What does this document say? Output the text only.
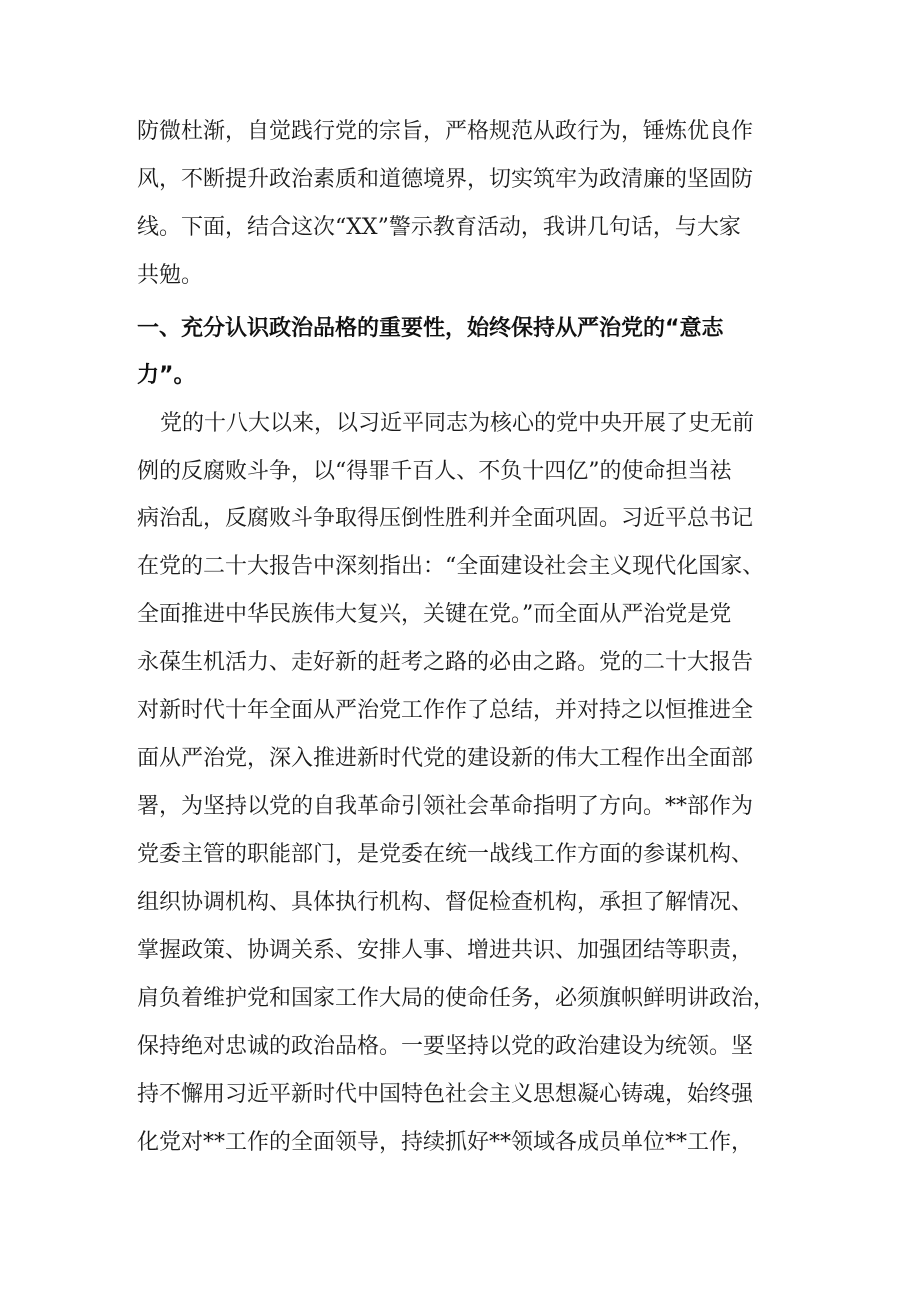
防微杜渐，自觉践行党的宗旨，严格规范从政行为，锤炼优良作
风，不断提升政治素质和道德境界，切实筑牢为政清廉的坚固防
线。下面，结合这次“XX”警示教育活动，我讲几句话，与大家
共勉。
一、充分认识政治品格的重要性，始终保持从严治党的“意志
力”。
党的十八大以来，以习近平同志为核心的党中央开展了史无前
例的反腐败斗争，以“得罪千百人、不负十四亿”的使命担当祛
病治乱，反腐败斗争取得压倒性胜利并全面巩固。习近平总书记
在党的二十大报告中深刻指出：“全面建设社会主义现代化国家、
全面推进中华民族伟大复兴，关键在党。”而全面从严治党是党
永葆生机活力、走好新的赶考之路的必由之路。党的二十大报告
对新时代十年全面从严治党工作作了总结，并对持之以恒推进全
面从严治党，深入推进新时代党的建设新的伟大工程作出全面部
署，为坚持以党的自我革命引领社会革命指明了方向。**部作为
党委主管的职能部门，是党委在统一战线工作方面的参谋机构、
组织协调机构、具体执行机构、督促检查机构，承担了解情况、
掌握政策、协调关系、安排人事、增进共识、加强团结等职责，
肩负着维护党和国家工作大局的使命任务，必须旗帜鲜明讲政治，
保持绝对忠诚的政治品格。一要坚持以党的政治建设为统领。坚
持不懈用习近平新时代中国特色社会主义思想凝心铸魂，始终强
化党对**工作的全面领导，持续抓好**领域各成员单位**工作，
